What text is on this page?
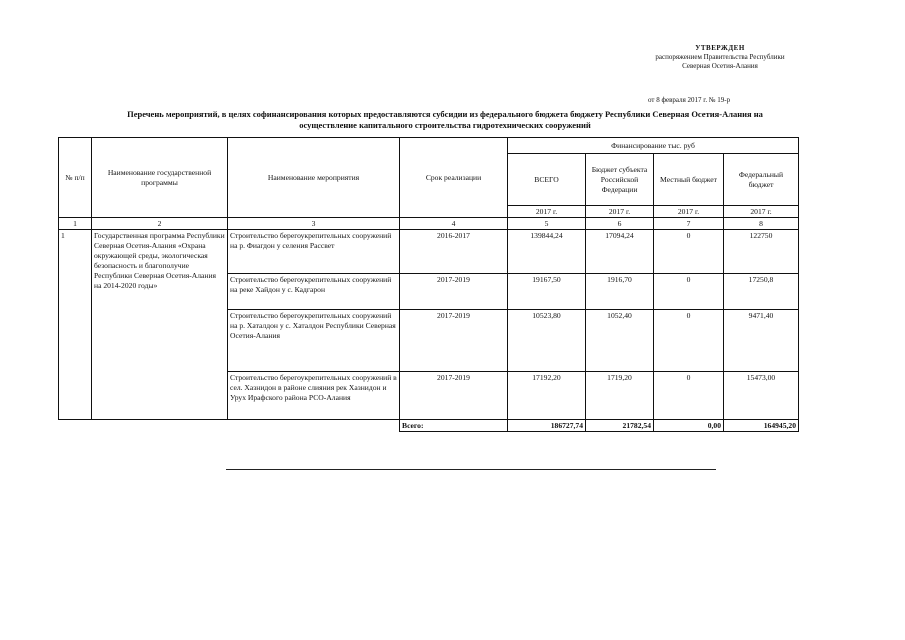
УТВЕРЖДЕН
распоряжением Правительства Республики
Северная Осетия-Алания
от 8 февраля 2017 г. № 19-р
Перечень мероприятий, в целях софинансирования которых предоставляются субсидии из федерального бюджета бюджету Республики Северная Осетия-Алания на
осуществление капитального строительства гидротехнических сооружений
№ п/п	Наименование государственной программы	Наименование мероприятия	Срок реализации	Финансирование тыс. руб			
				ВСЕГО	Бюджет субъекта Российской Федерации	Местный бюджет	Федеральный бюджет
				2017 г.	2017 г.	2017 г.	2017 г.
1	2	3	4	5	6	7	8
1	Государственная программа Республики Северная Осетия-Алания «Охрана окружающей среды, экологическая безопасность и благополучие Республики Северная Осетия-Алания на 2014-2020 годы»	Строительство берегоукрепительных сооружений на р. Фиагдон у селения Рассвет	2016-2017	139844,24	17094,24	0	122750
		Строительство берегоукрепительных сооружений на реке Хайдон у с. Кадгарон	2017-2019	19167,50	1916,70	0	17250,8
		Строительство берегоукрепительных сооружений на р. Хаталдон у с. Хаталдон Республики Северная Осетия-Алания	2017-2019	10523,80	1052,40	0	9471,40
		Строительство берегоукрепительных сооружений в сел. Хазнидон в районе слияния рек Хазнидон и Урух Ирафского района РСО-Алания	2017-2019	17192,20	1719,20	0	15473,00
			Всего:	186727,74	21782,54	0,00	164945,20
